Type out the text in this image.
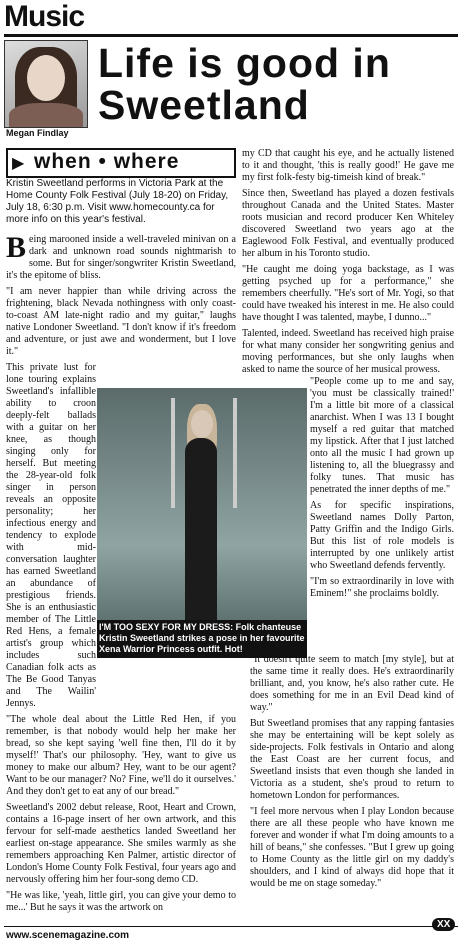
Music
Megan Findlay
Life is good in Sweetland
▶ when • where
Kristin Sweetland performs in Victoria Park at the Home County Folk Festival (July 18-20) on Friday, July 18, 6:30 p.m. Visit www.homecounty.ca for more info on this year's festival.

Being marooned inside a well-traveled minivan on a dark and unknown road sounds nightmarish to some. But for singer/songwriter Kristin Sweetland, it's the epitome of bliss.

"I am never happier than while driving across the frightening, black Nevada nothingness with only coast-to-coast AM late-night radio and my guitar," laughs native Londoner Sweetland. "I don't know if it's freedom and adventure, or just awe and wonderment, but I love it."

This private lust for lone touring explains Sweetland's infallible ability to croon deeply-felt ballads with a guitar on her knee, as though singing only for herself. But meeting the 28-year-old folk singer in person reveals an opposite personality; her infectious energy and tendency to explode with mid-conversation laughter has earned Sweetland an abundance of prestigious friends. She is an enthusiastic member of The Little Red Hens, a female artist's group which includes such Canadian folk acts as The Be Good Tanyas and The Wailin' Jennys.

"The whole deal about the Little Red Hen, if you remember, is that nobody would help her make her bread, so she kept saying 'well fine then, I'll do it by myself!' That's our philosophy. 'Hey, want to give us money to make our album? Hey, want to be our agent? Want to be our manager? No? Fine, we'll do it ourselves.' And they don't get to eat any of our bread."

Sweetland's 2002 debut release, Root, Heart and Crown, contains a 16-page insert of her own artwork, and this fervour for self-made aesthetics landed Sweetland her earliest on-stage appearance. She smiles warmly as she remembers approaching Ken Palmer, artistic director of London's Home County Folk Festival, four years ago and nervously offering him her four-song demo CD.

"He was like, 'yeah, little girl, you can give your demo to me...' But he says it was the artwork on

my CD that caught his eye, and he actually listened to it and thought, 'this is really good!' He gave me my first folk-festy big-timeish kind of break."

Since then, Sweetland has played a dozen festivals throughout Canada and the United States. Master roots musician and record producer Ken Whiteley discovered Sweetland two years ago at the Eaglewood Folk Festival, and eventually produced her album in his Toronto studio.

"He caught me doing yoga backstage, as I was getting psyched up for a performance," she remembers cheerfully. "He's sort of Mr. Yogi, so that could have tweaked his interest in me. He also could have thought I was talented, maybe, I dunno..."

Talented, indeed. Sweetland has received high praise for what many consider her songwriting genius and moving performances, but she only laughs when asked to name the source of her musical prowess.

I'M TOO SEXY FOR MY DRESS: Folk chanteuse Kristin Sweetland strikes a pose in her favourite Xena Warrior Princess outfit. Hot!

"People come up to me and say, 'you must be classically trained!' I'm a little bit more of a classical anarchist. When I was 13 I bought myself a red guitar that matched my lipstick. After that I just latched onto all the music I had grown up listening to, all the bluegrassy and folky tunes. That music has penetrated the inner depths of me."

As for specific inspirations, Sweetland names Dolly Parton, Patty Griffin and the Indigo Girls. But this list of role models is interrupted by one unlikely artist who Sweetland defends fervently.

"I'm so extraordinarily in love with Eminem!" she proclaims boldly.

"It doesn't quite seem to match [my style], but at the same time it really does. He's extraordinarily brilliant, and, you know, he's also rather cute. He does something for me in an Evil Dead kind of way."

But Sweetland promises that any rapping fantasies she may be entertaining will be kept solely as side-projects. Folk festivals in Ontario and along the East Coast are her current focus, and Sweetland insists that even though she landed in Victoria as a student, she's proud to return to hometown London for performances.

"I feel more nervous when I play London because there are all these people who have known me forever and wonder if what I'm doing amounts to a hill of beans," she confesses. "But I grew up going to Home County as the little girl on my daddy's shoulders, and I kind of always did hope that it would be me on stage someday."

www.scenemagazine.com
XX
